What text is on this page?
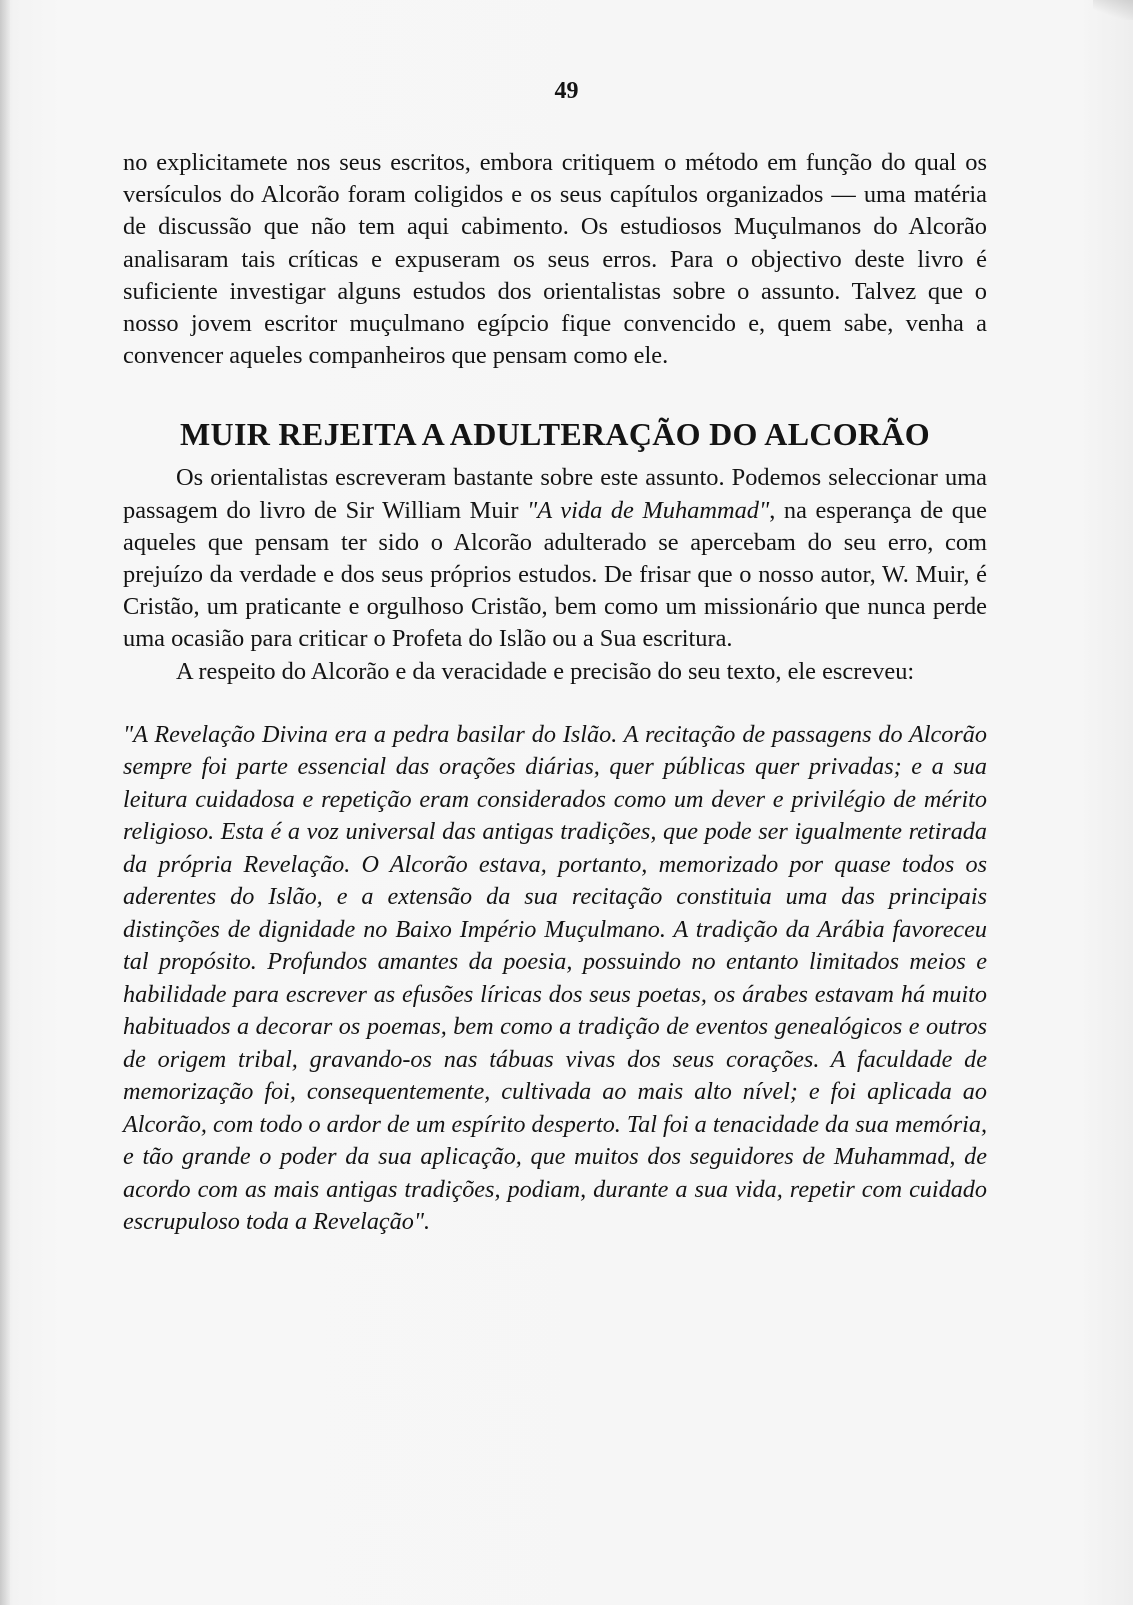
49

no explicitamete nos seus escritos, embora critiquem o método em função do qual os versículos do Alcorão foram coligidos e os seus capítulos organizados — uma matéria de discussão que não tem aqui cabimento. Os estudiosos Muçulmanos do Alcorão analisaram tais críticas e expuseram os seus erros. Para o objectivo deste livro é suficiente investigar alguns estudos dos orientalistas sobre o assunto. Talvez que o nosso jovem escritor muçulmano egípcio fique convencido e, quem sabe, venha a convencer aqueles companheiros que pensam como ele.

MUIR REJEITA A ADULTERAÇÃO DO ALCORÃO

Os orientalistas escreveram bastante sobre este assunto. Podemos seleccionar uma passagem do livro de Sir William Muir "A vida de Muhammad", na esperança de que aqueles que pensam ter sido o Alcorão adulterado se apercebam do seu erro, com prejuízo da verdade e dos seus próprios estudos. De frisar que o nosso autor, W. Muir, é Cristão, um praticante e orgulhoso Cristão, bem como um missionário que nunca perde uma ocasião para criticar o Profeta do Islão ou a Sua escritura.

A respeito do Alcorão e da veracidade e precisão do seu texto, ele escreveu:

"A Revelação Divina era a pedra basilar do Islão. A recitação de passagens do Alcorão sempre foi parte essencial das orações diárias, quer públicas quer privadas; e a sua leitura cuidadosa e repetição eram considerados como um dever e privilégio de mérito religioso. Esta é a voz universal das antigas tradições, que pode ser igualmente retirada da própria Revelação. O Alcorão estava, portanto, memorizado por quase todos os aderentes do Islão, e a extensão da sua recitação constituia uma das principais distinções de dignidade no Baixo Império Muçulmano. A tradição da Arábia favoreceu tal propósito. Profundos amantes da poesia, possuindo no entanto limitados meios e habilidade para escrever as efusões líricas dos seus poetas, os árabes estavam há muito habituados a decorar os poemas, bem como a tradição de eventos genealógicos e outros de origem tribal, gravando-os nas tábuas vivas dos seus corações. A faculdade de memorização foi, consequentemente, cultivada ao mais alto nível; e foi aplicada ao Alcorão, com todo o ardor de um espírito desperto. Tal foi a tenacidade da sua memória, e tão grande o poder da sua aplicação, que muitos dos seguidores de Muhammad, de acordo com as mais antigas tradições, podiam, durante a sua vida, repetir com cuidado escrupuloso toda a Revelação".
